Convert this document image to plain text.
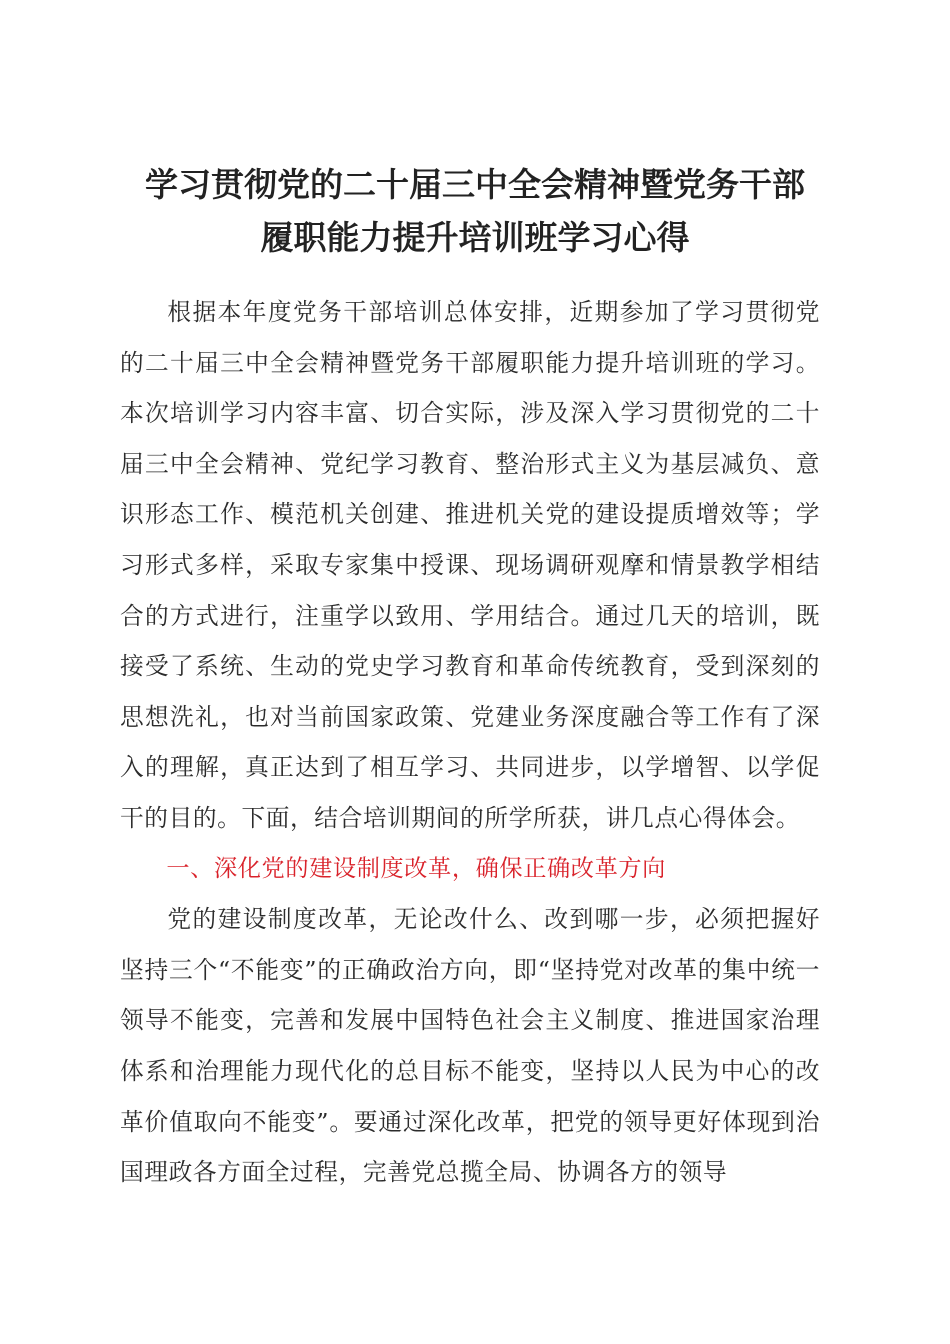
学习贯彻党的二十届三中全会精神暨党务干部
履职能力提升培训班学习心得

根据本年度党务干部培训总体安排，近期参加了学习贯彻党的二十届三中全会精神暨党务干部履职能力提升培训班的学习。本次培训学习内容丰富、切合实际，涉及深入学习贯彻党的二十届三中全会精神、党纪学习教育、整治形式主义为基层减负、意识形态工作、模范机关创建、推进机关党的建设提质增效等；学习形式多样，采取专家集中授课、现场调研观摩和情景教学相结合的方式进行，注重学以致用、学用结合。通过几天的培训，既接受了系统、生动的党史学习教育和革命传统教育，受到深刻的思想洗礼，也对当前国家政策、党建业务深度融合等工作有了深入的理解，真正达到了相互学习、共同进步，以学增智、以学促干的目的。下面，结合培训期间的所学所获，讲几点心得体会。

一、深化党的建设制度改革，确保正确改革方向

党的建设制度改革，无论改什么、改到哪一步，必须把握好坚持三个“不能变”的正确政治方向，即“坚持党对改革的集中统一领导不能变，完善和发展中国特色社会主义制度、推进国家治理体系和治理能力现代化的总目标不能变，坚持以人民为中心的改革价值取向不能变”。要通过深化改革，把党的领导更好体现到治国理政各方面全过程，完善党总揽全局、协调各方的领导
